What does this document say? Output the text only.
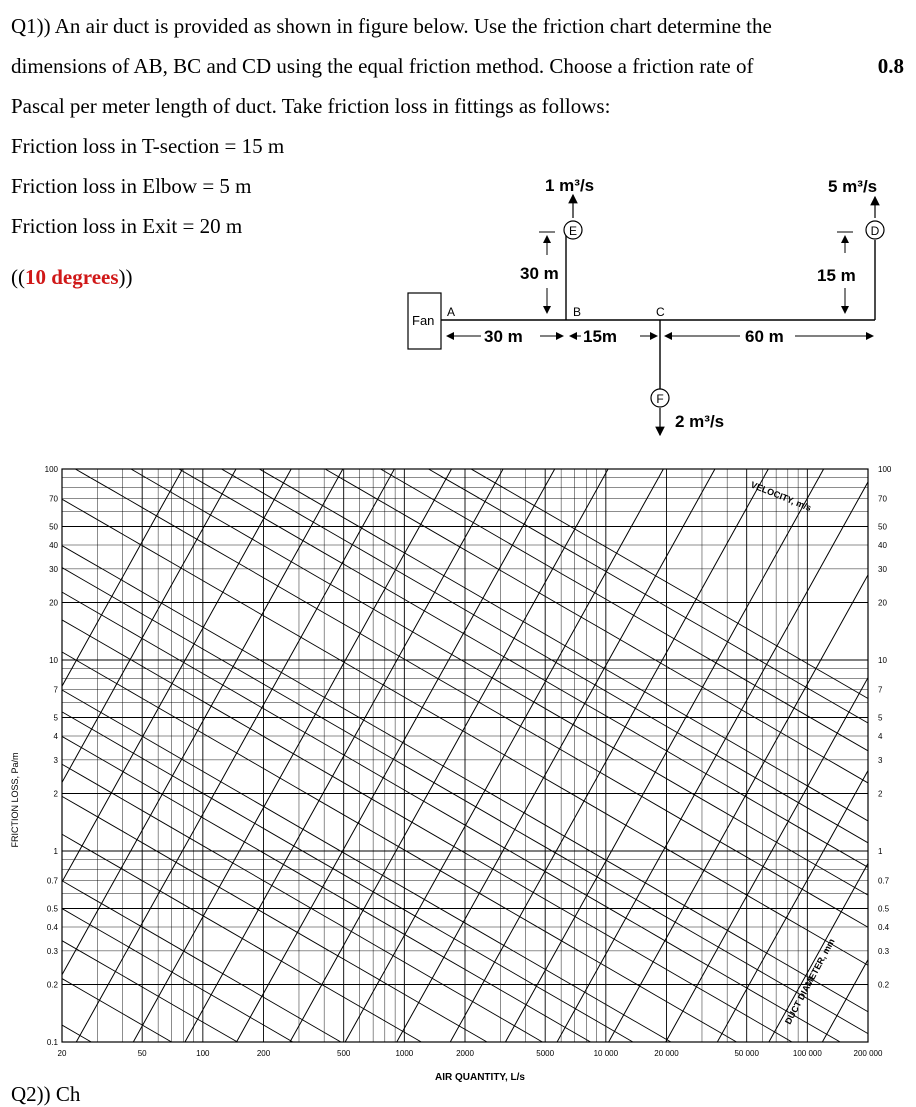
Q1)) An air duct is provided as shown in figure below. Use the friction chart determine the
dimensions of AB, BC and CD using the equal friction method. Choose a friction rate of	0.8
Pascal per meter length of duct. Take friction loss in fittings as follows:
Friction loss in T-section = 15 m
Friction loss in Elbow = 5 m
Friction loss in Exit = 20 m
((10 degrees))
Fan
A	B	C
E	D
F
1 m³/s	5 m³/s
2 m³/s
30 m	15 m
30 m	15m	60 m
20	50	100	200	500	1000	2000	5000	10 000	20 000	50 000	100 000	200 000
100
70
50
40
30
20
10
7
5
4
3
2
1
0.7
0.5
0.4
0.3
0.2
0.1
100
70
50
40
30
20
10
7
5
4
3
2
1
0.7
0.5
0.4
0.3
0.2
FRICTION LOSS, Pa/m
AIR QUANTITY, L/s
DUCT DIAMETER, mm
VELOCITY, m/s
Q2)) Ch
